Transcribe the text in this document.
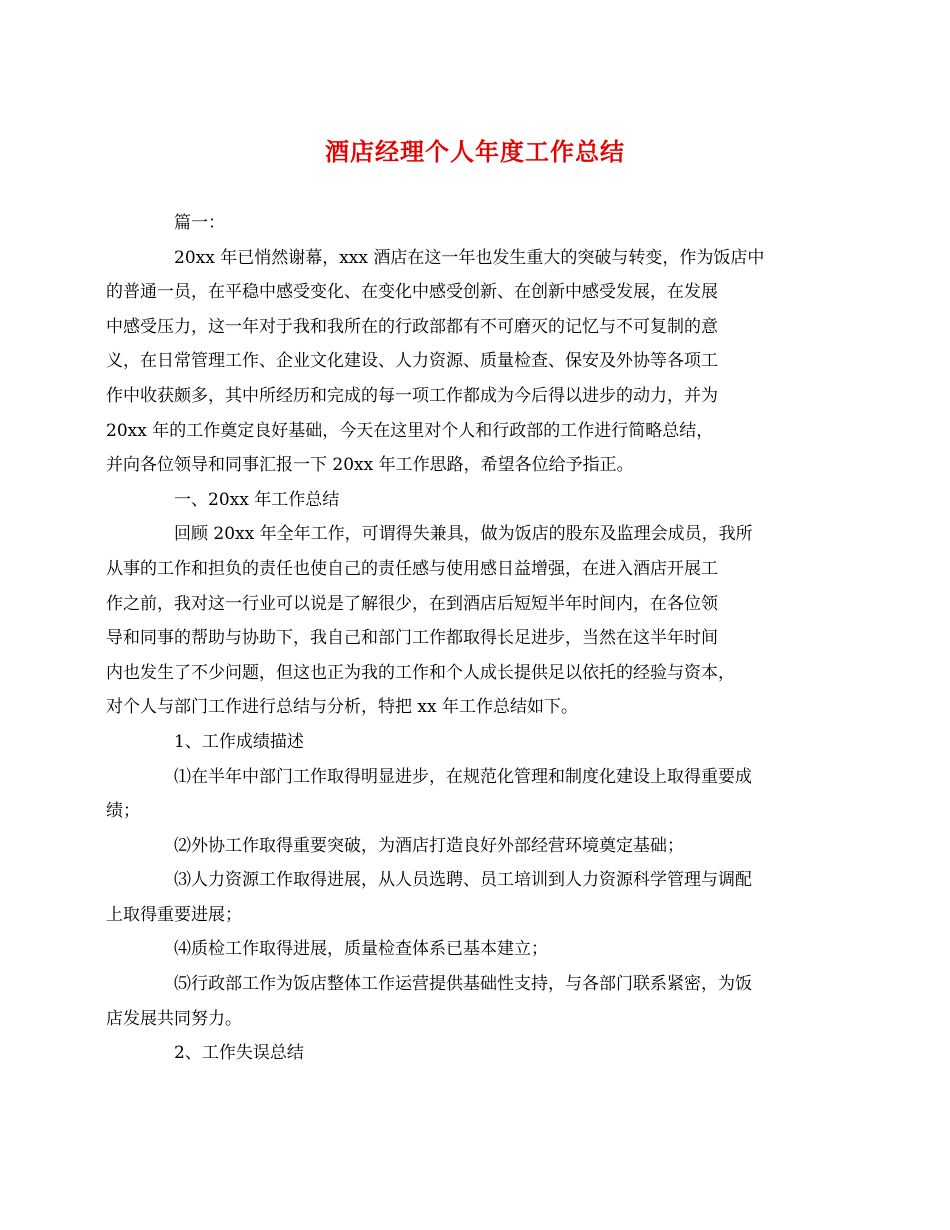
酒店经理个人年度工作总结

篇一：

20xx 年已悄然谢幕，xxx 酒店在这一年也发生重大的突破与转变，作为饭店中
的普通一员，在平稳中感受变化、在变化中感受创新、在创新中感受发展，在发展
中感受压力，这一年对于我和我所在的行政部都有不可磨灭的记忆与不可复制的意
义，在日常管理工作、企业文化建设、人力资源、质量检查、保安及外协等各项工
作中收获颇多，其中所经历和完成的每一项工作都成为今后得以进步的动力，并为
20xx 年的工作奠定良好基础，今天在这里对个人和行政部的工作进行简略总结，
并向各位领导和同事汇报一下 20xx 年工作思路，希望各位给予指正。

一、20xx 年工作总结

回顾 20xx 年全年工作，可谓得失兼具，做为饭店的股东及监理会成员，我所
从事的工作和担负的责任也使自己的责任感与使用感日益增强，在进入酒店开展工
作之前，我对这一行业可以说是了解很少，在到酒店后短短半年时间内，在各位领
导和同事的帮助与协助下，我自己和部门工作都取得长足进步，当然在这半年时间
内也发生了不少问题，但这也正为我的工作和个人成长提供足以依托的经验与资本，
对个人与部门工作进行总结与分析，特把 xx 年工作总结如下。

1、工作成绩描述

⑴在半年中部门工作取得明显进步，在规范化管理和制度化建设上取得重要成
绩；

⑵外协工作取得重要突破，为酒店打造良好外部经营环境奠定基础；

⑶人力资源工作取得进展，从人员选聘、员工培训到人力资源科学管理与调配
上取得重要进展；

⑷质检工作取得进展，质量检查体系已基本建立；

⑸行政部工作为饭店整体工作运营提供基础性支持，与各部门联系紧密，为饭
店发展共同努力。

2、工作失误总结
